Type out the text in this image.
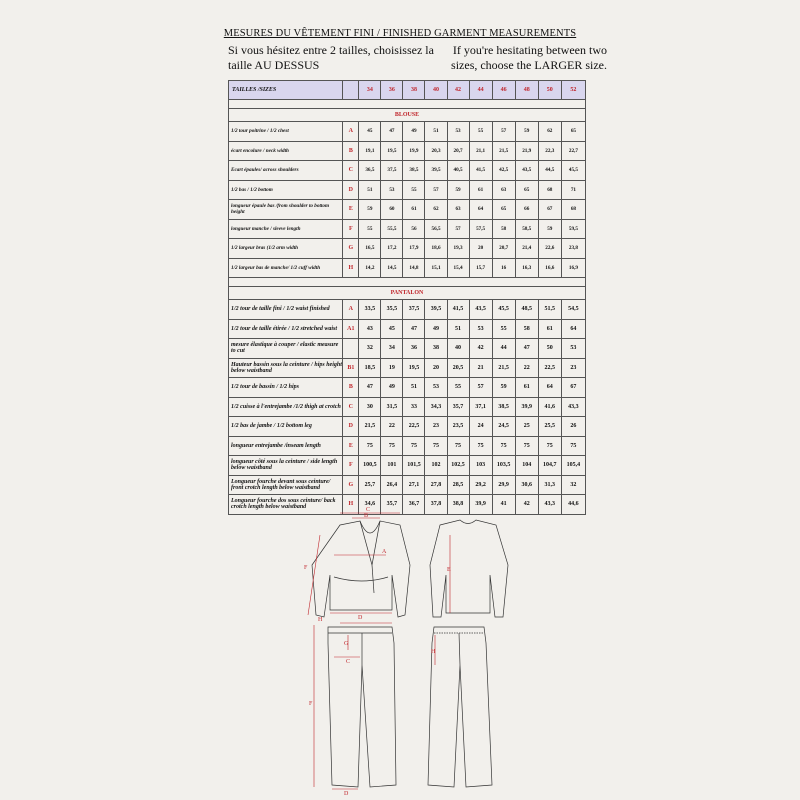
MESURES DU VÊTEMENT FINI / FINISHED GARMENT MEASUREMENTS
Si vous hésitez entre 2 tailles, choisissez la taille AU DESSUS
If you're hesitating between two sizes, choose the LARGER size.
TAILLES /SIZES		34	36	38	40	42	44	46	48	50	52

BLOUSE											
1/2 tour poitrine / 1/2 chest	A	45	47	49	51	53	55	57	59	62	65
écart encolure / neck width	B	19,1	19,5	19,9	20,3	20,7	21,1	21,5	21,9	22,3	22,7
Ecart épaules/ across shoulders	C	36,5	37,5	38,5	39,5	40,5	41,5	42,5	43,5	44,5	45,5
1/2 bas / 1/2 bottom	D	51	53	55	57	59	61	63	65	68	71
longueur épaule bas /from shoulder to bottom height	E	59	60	61	62	63	64	65	66	67	68
longueur manche / sleeve length	F	55	55,5	56	56,5	57	57,5	58	58,5	59	59,5
1/2 largeur bras (1/2 arm width	G	16,5	17,2	17,9	18,6	19,3	20	20,7	21,4	22,6	23,8
1/2 largeur bas de manche/ 1/2 cuff width	H	14,2	14,5	14,8	15,1	15,4	15,7	16	16,3	16,6	16,9

PANTALON											
1/2 tour de taille fini / 1/2 waist finished	A	33,5	35,5	37,5	39,5	41,5	43,5	45,5	48,5	51,5	54,5
1/2 tour de taille étirée / 1/2 stretched waist	A1	43	45	47	49	51	53	55	58	61	64
mesure élastique à couper / elastic measure to cut		32	34	36	38	40	42	44	47	50	53
Hauteur bassin sous la ceinture / hips height below waistband	B1	18,5	19	19,5	20	20,5	21	21,5	22	22,5	23
1/2 tour de bassin / 1/2 hips	B	47	49	51	53	55	57	59	61	64	67
1/2 cuisse à l'entrejambe /1/2 thigh at crotch	C	30	31,5	33	34,3	35,7	37,1	38,5	39,9	41,6	43,3
1/2 bas de jambe / 1/2 bottom leg	D	21,5	22	22,5	23	23,5	24	24,5	25	25,5	26
longueur entrejambe /inseam length	E	75	75	75	75	75	75	75	75	75	75
longueur côté sous la ceinture / side length below waistband	F	100,5	101	101,5	102	102,5	103	103,5	104	104,7	105,4
Longueur fourche devant sous ceinture/ front crotch length below waistband	G	25,7	26,4	27,1	27,8	28,5	29,2	29,9	30,6	31,3	32
Longueur fourche dos sous ceinture/ back crotch length below waistband	H	34,6	35,7	36,7	37,8	38,8	39,9	41	42	43,3	44,6
C
B
A
F	E
D
H
F
G
H
C
D
